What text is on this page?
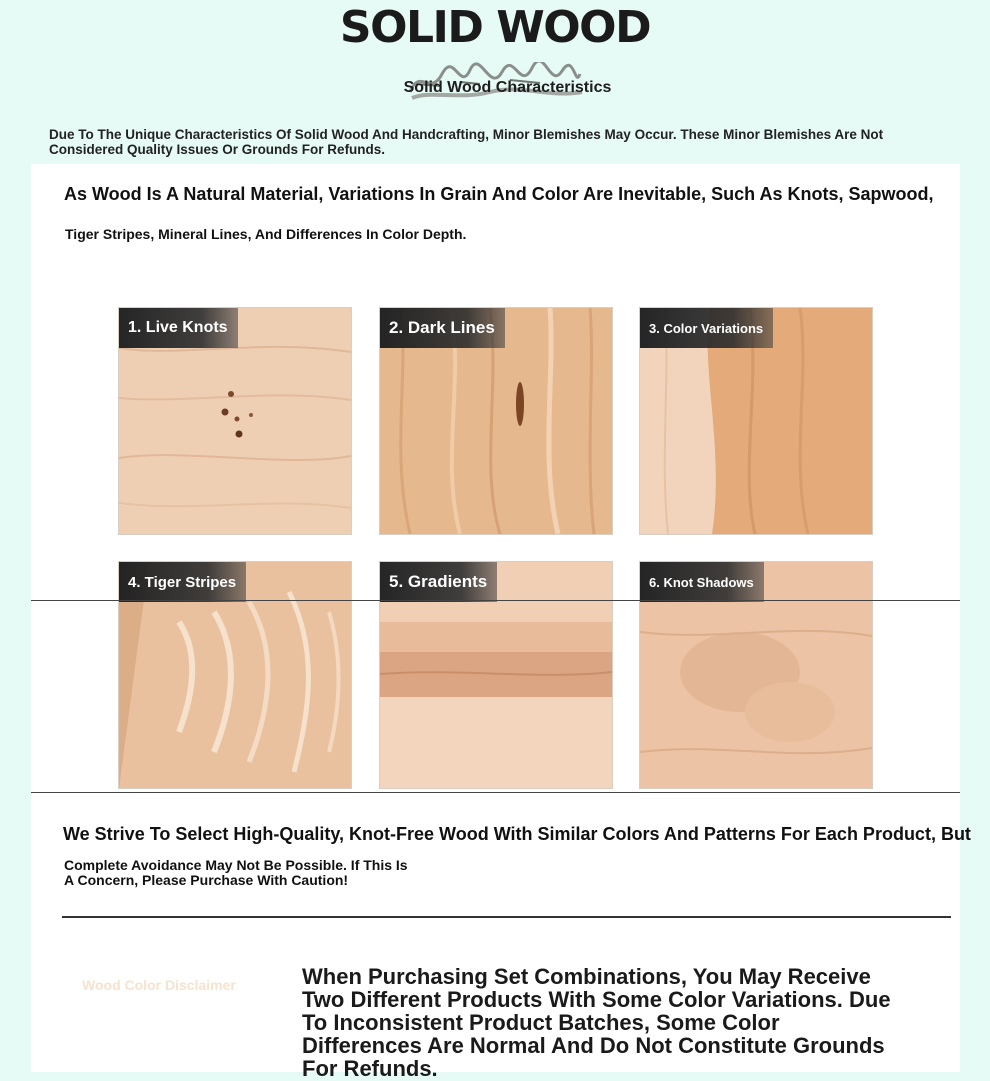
SOLID WOOD
Solid Wood Characteristics
Due To The Unique Characteristics Of Solid Wood And Handcrafting, Minor Blemishes May Occur. These Minor Blemishes Are Not Considered Quality Issues Or Grounds For Refunds.
As Wood Is A Natural Material, Variations In Grain And Color Are Inevitable, Such As Knots, Sapwood,
Tiger Stripes, Mineral Lines, And Differences In Color Depth.
1. Live Knots	2. Dark Lines	3. Color Variations
4. Tiger Stripes	5. Gradients	6. Knot Shadows
We Strive To Select High-Quality, Knot-Free Wood With Similar Colors And Patterns For Each Product, But
Complete Avoidance May Not Be Possible. If This Is A Concern, Please Purchase With Caution!
Wood Color Disclaimer	When Purchasing Set Combinations, You May Receive Two Different Products With Some Color Variations. Due To Inconsistent Product Batches, Some Color Differences Are Normal And Do Not Constitute Grounds For Refunds.
